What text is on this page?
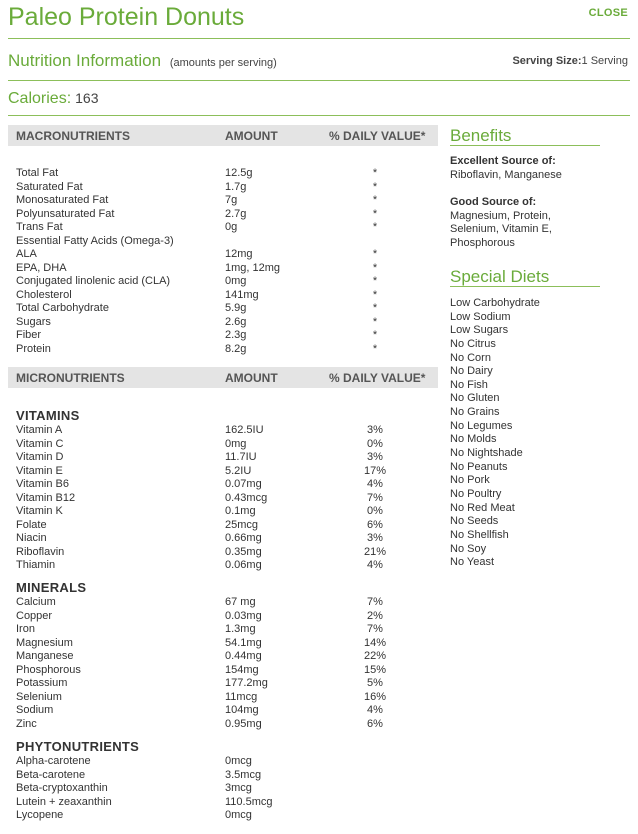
Paleo Protein Donuts	CLOSE
Nutrition Information (amounts per serving)	Serving Size:1 Serving
Calories: 163
MACRONUTRIENTS	AMOUNT	% DAILY VALUE*
Total Fat	12.5g	*
Saturated Fat	1.7g	*
Monosaturated Fat	7g	*
Polyunsaturated Fat	2.7g	*
Trans Fat	0g	*
Essential Fatty Acids (Omega-3)
ALA	12mg	*
EPA, DHA	1mg, 12mg	*
Conjugated linolenic acid (CLA)	0mg	*
Cholesterol	141mg	*
Total Carbohydrate	5.9g	*
Sugars	2.6g	*
Fiber	2.3g	*
Protein	8.2g	*
MICRONUTRIENTS	AMOUNT	% DAILY VALUE*
VITAMINS
Vitamin A	162.5IU	3%
Vitamin C	0mg	0%
Vitamin D	11.7IU	3%
Vitamin E	5.2IU	17%
Vitamin B6	0.07mg	4%
Vitamin B12	0.43mcg	7%
Vitamin K	0.1mg	0%
Folate	25mcg	6%
Niacin	0.66mg	3%
Riboflavin	0.35mg	21%
Thiamin	0.06mg	4%
MINERALS
Calcium	67 mg	7%
Copper	0.03mg	2%
Iron	1.3mg	7%
Magnesium	54.1mg	14%
Manganese	0.44mg	22%
Phosphorous	154mg	15%
Potassium	177.2mg	5%
Selenium	11mcg	16%
Sodium	104mg	4%
Zinc	0.95mg	6%
PHYTONUTRIENTS
Alpha-carotene	0mcg
Beta-carotene	3.5mcg
Beta-cryptoxanthin	3mcg
Lutein + zeaxanthin	110.5mcg
Lycopene	0mcg
Benefits
Excellent Source of:
Riboflavin, Manganese
Good Source of:
Magnesium, Protein, Selenium, Vitamin E, Phosphorous
Special Diets
Low Carbohydrate
Low Sodium
Low Sugars
No Citrus
No Corn
No Dairy
No Fish
No Gluten
No Grains
No Legumes
No Molds
No Nightshade
No Peanuts
No Pork
No Poultry
No Red Meat
No Seeds
No Shellfish
No Soy
No Yeast
